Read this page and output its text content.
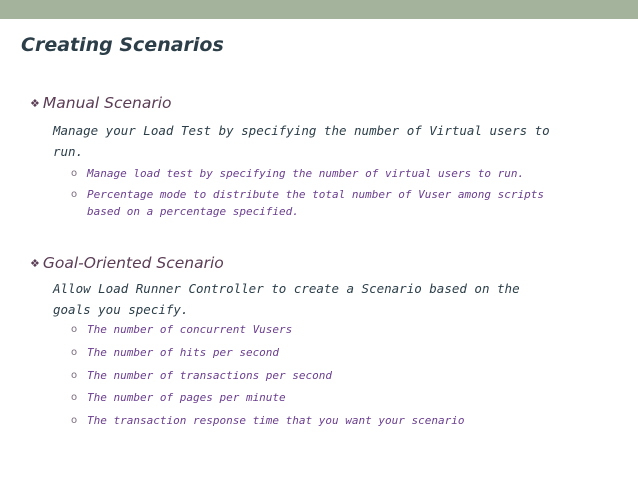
Creating Scenarios
❖ Manual Scenario
Manage your Load Test by specifying the number of Virtual users to
run.
o Manage load test by specifying the number of virtual users to run.
o Percentage mode to distribute the total number of Vuser among scripts
based on a percentage specified.
❖ Goal-Oriented Scenario
Allow Load Runner Controller to create a Scenario based on the
goals you specify.
o The number of concurrent Vusers
o The number of hits per second
o The number of transactions per second
o The number of pages per minute
o The transaction response time that you want your scenario
